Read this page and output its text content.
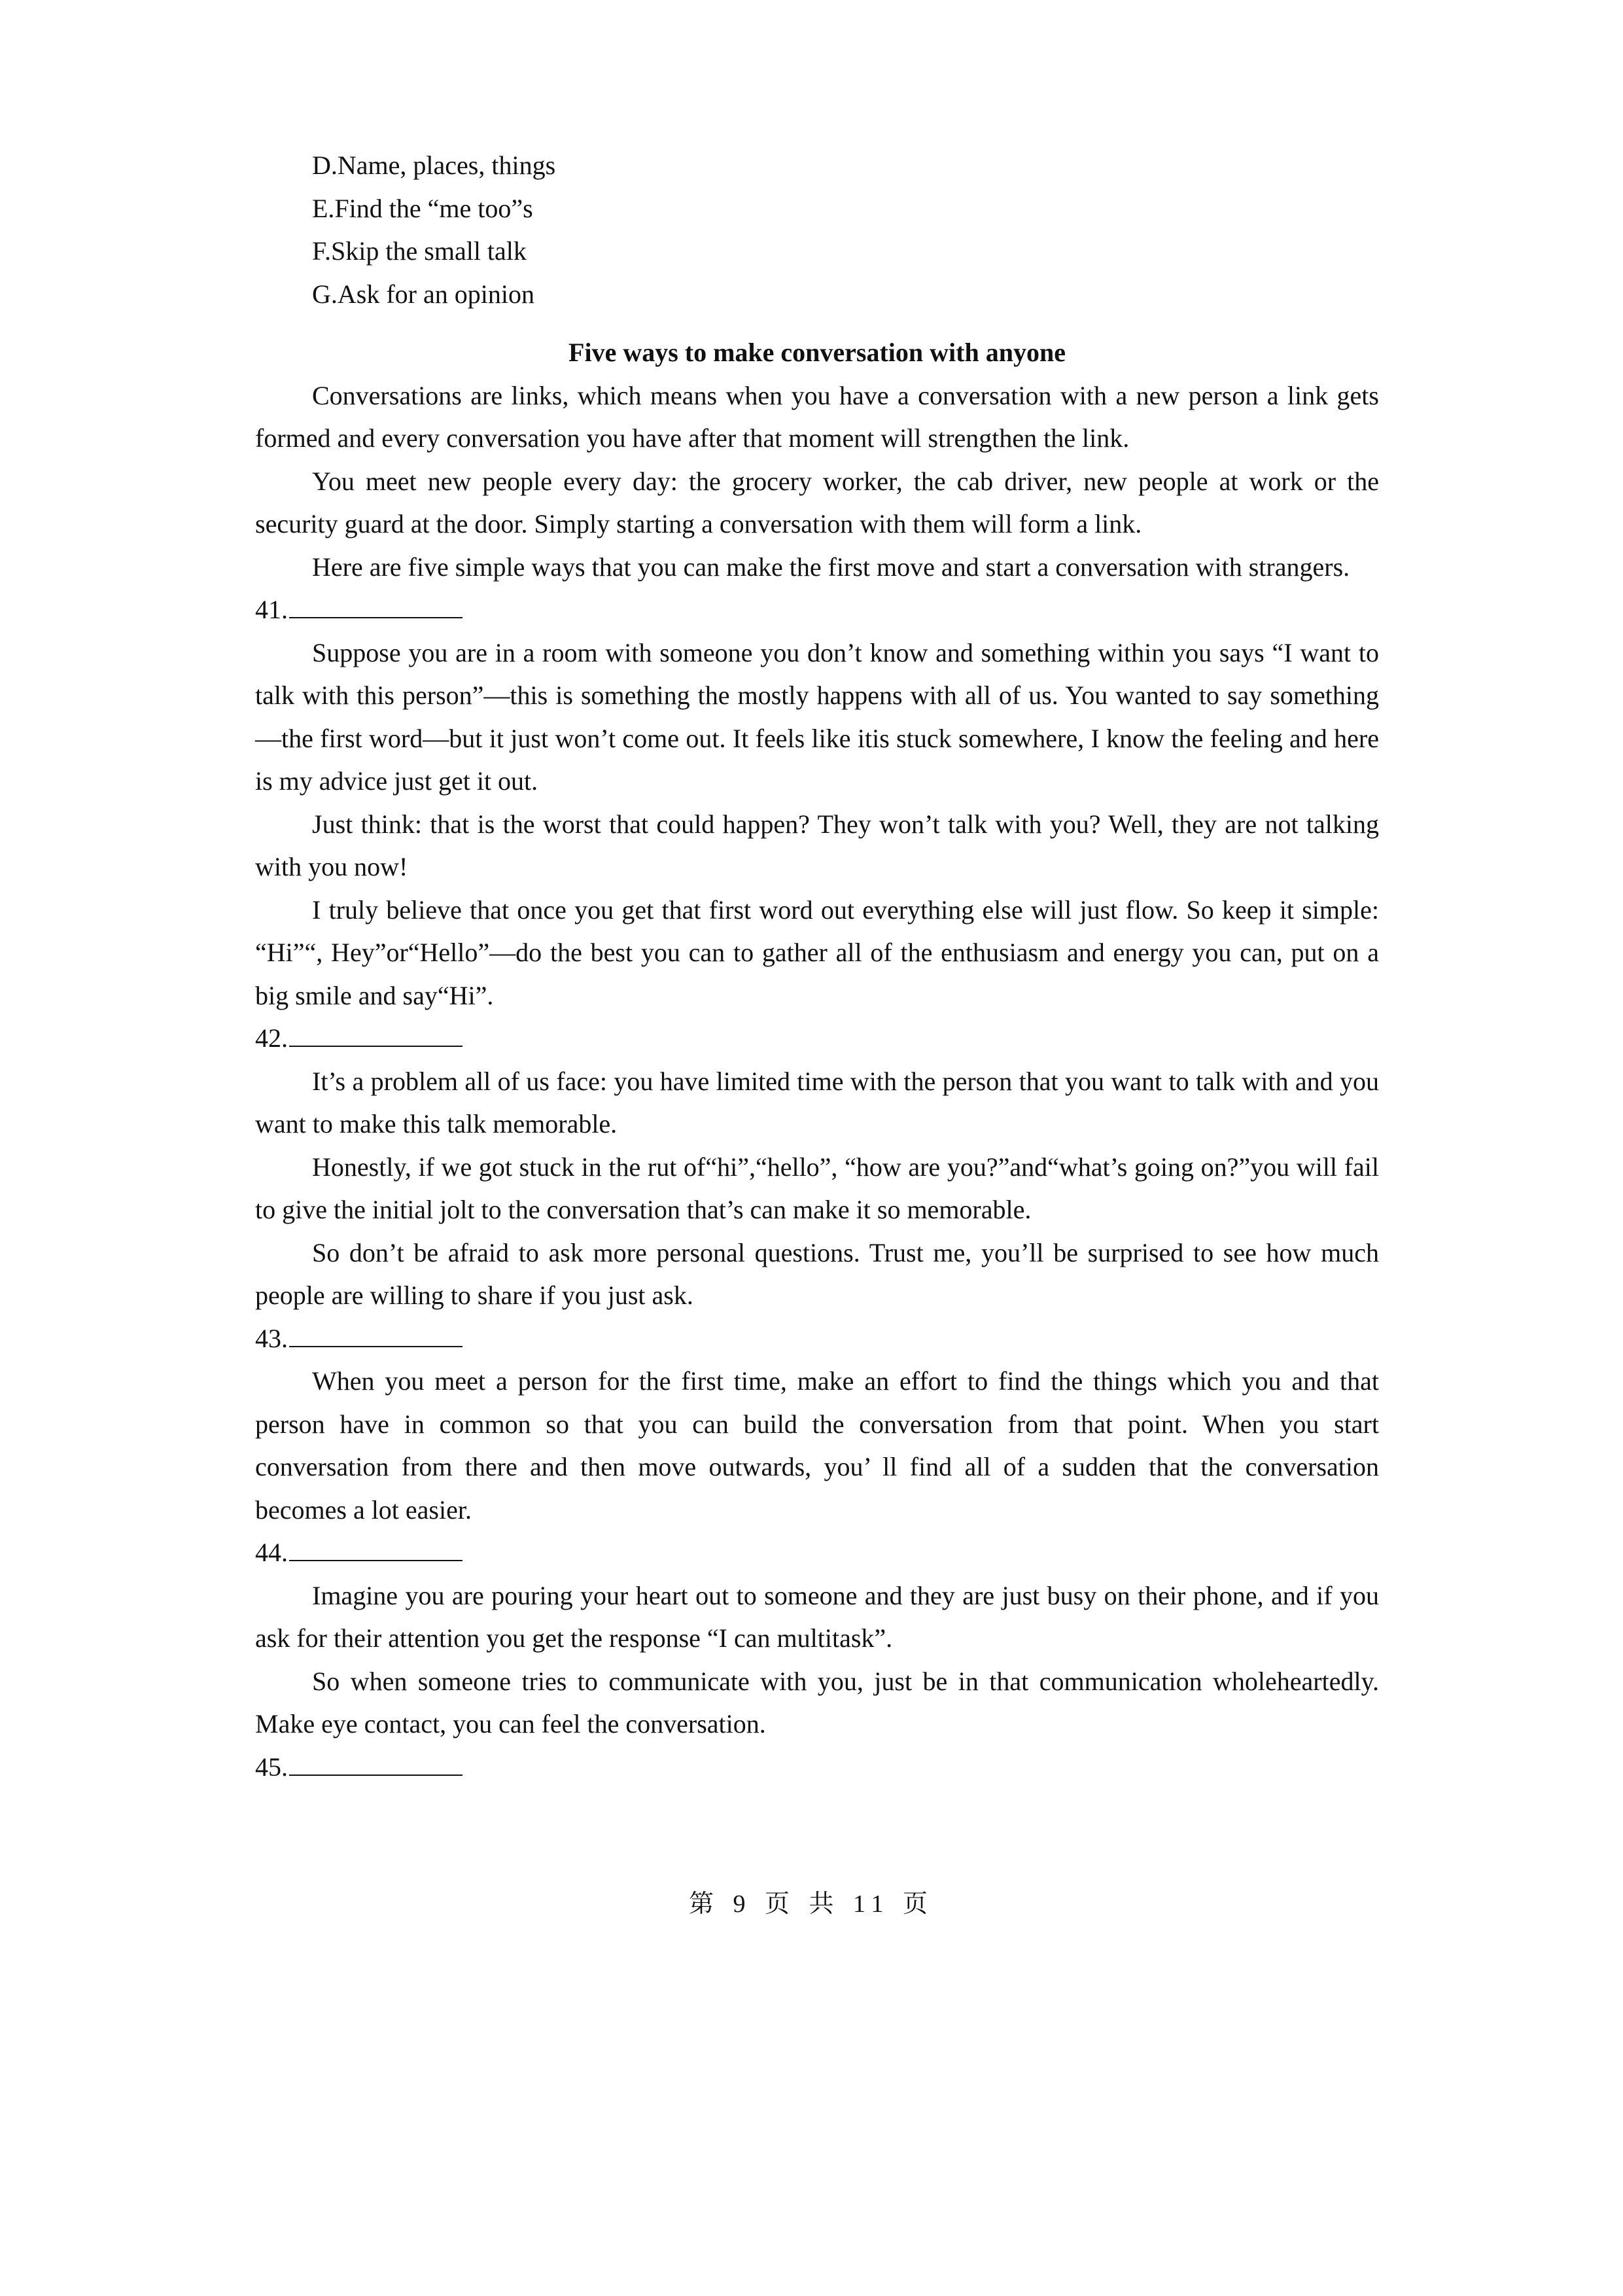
D.Name, places, things
E.Find the “me too”s
F.Skip the small talk
G.Ask for an opinion
Five ways to make conversation with anyone

Conversations are links, which means when you have a conversation with a new person a link gets formed and every conversation you have after that moment will strengthen the link.

You meet new people every day: the grocery worker, the cab driver, new people at work or the security guard at the door. Simply starting a conversation with them will form a link.

Here are five simple ways that you can make the first move and start a conversation with strangers.

41.

Suppose you are in a room with someone you don’t know and something within you says “I want to talk with this person”—this is something the mostly happens with all of us. You wanted to say something—the first word—but it just won’t come out. It feels like itis stuck somewhere, I know the feeling and here is my advice just get it out.

Just think: that is the worst that could happen? They won’t talk with you? Well, they are not talking with you now!

I truly believe that once you get that first word out everything else will just flow. So keep it simple: “Hi”“, Hey”or“Hello”—do the best you can to gather all of the enthusiasm and energy you can, put on a big smile and say“Hi”.

42.

It’s a problem all of us face: you have limited time with the person that you want to talk with and you want to make this talk memorable.

Honestly, if we got stuck in the rut of“hi”,“hello”, “how are you?”and“what’s going on?”you will fail to give the initial jolt to the conversation that’s can make it so memorable.

So don’t be afraid to ask more personal questions. Trust me, you’ll be surprised to see how much people are willing to share if you just ask.

43.

When you meet a person for the first time, make an effort to find the things which you and that person have in common so that you can build the conversation from that point. When you start conversation from there and then move outwards, you’ ll find all of a sudden that the conversation becomes a lot easier.

44.

Imagine you are pouring your heart out to someone and they are just busy on their phone, and if you ask for their attention you get the response “I can multitask”.

So when someone tries to communicate with you, just be in that communication wholeheartedly. Make eye contact, you can feel the conversation.

45.
第 9 页 共 11 页
